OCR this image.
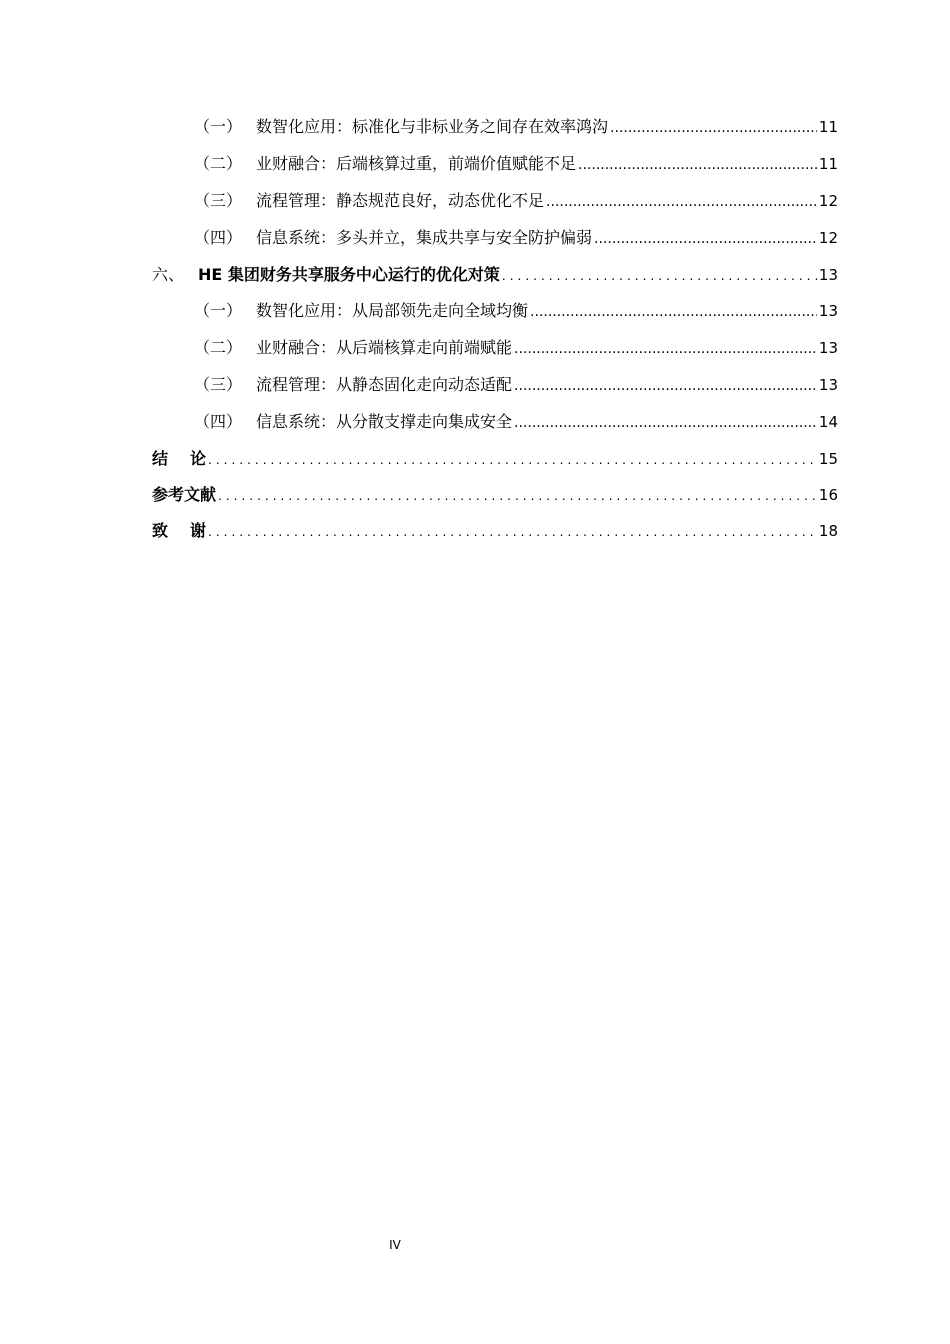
（一） 数智化应用：标准化与非标业务之间存在效率鸿沟 .....	11
（二） 业财融合：后端核算过重，前端价值赋能不足 .....	11
（三） 流程管理：静态规范良好，动态优化不足 .....	12
（四） 信息系统：多头并立，集成共享与安全防护偏弱 .....	12
六、 HE 集团财务共享服务中心运行的优化对策 .....	13
（一） 数智化应用：从局部领先走向全域均衡 .....	13
（二） 业财融合：从后端核算走向前端赋能 .....	13
（三） 流程管理：从静态固化走向动态适配 .....	13
（四） 信息系统：从分散支撑走向集成安全 .....	14
结论 .....	15
参考文献 .....	16
致谢 .....	18
IV
